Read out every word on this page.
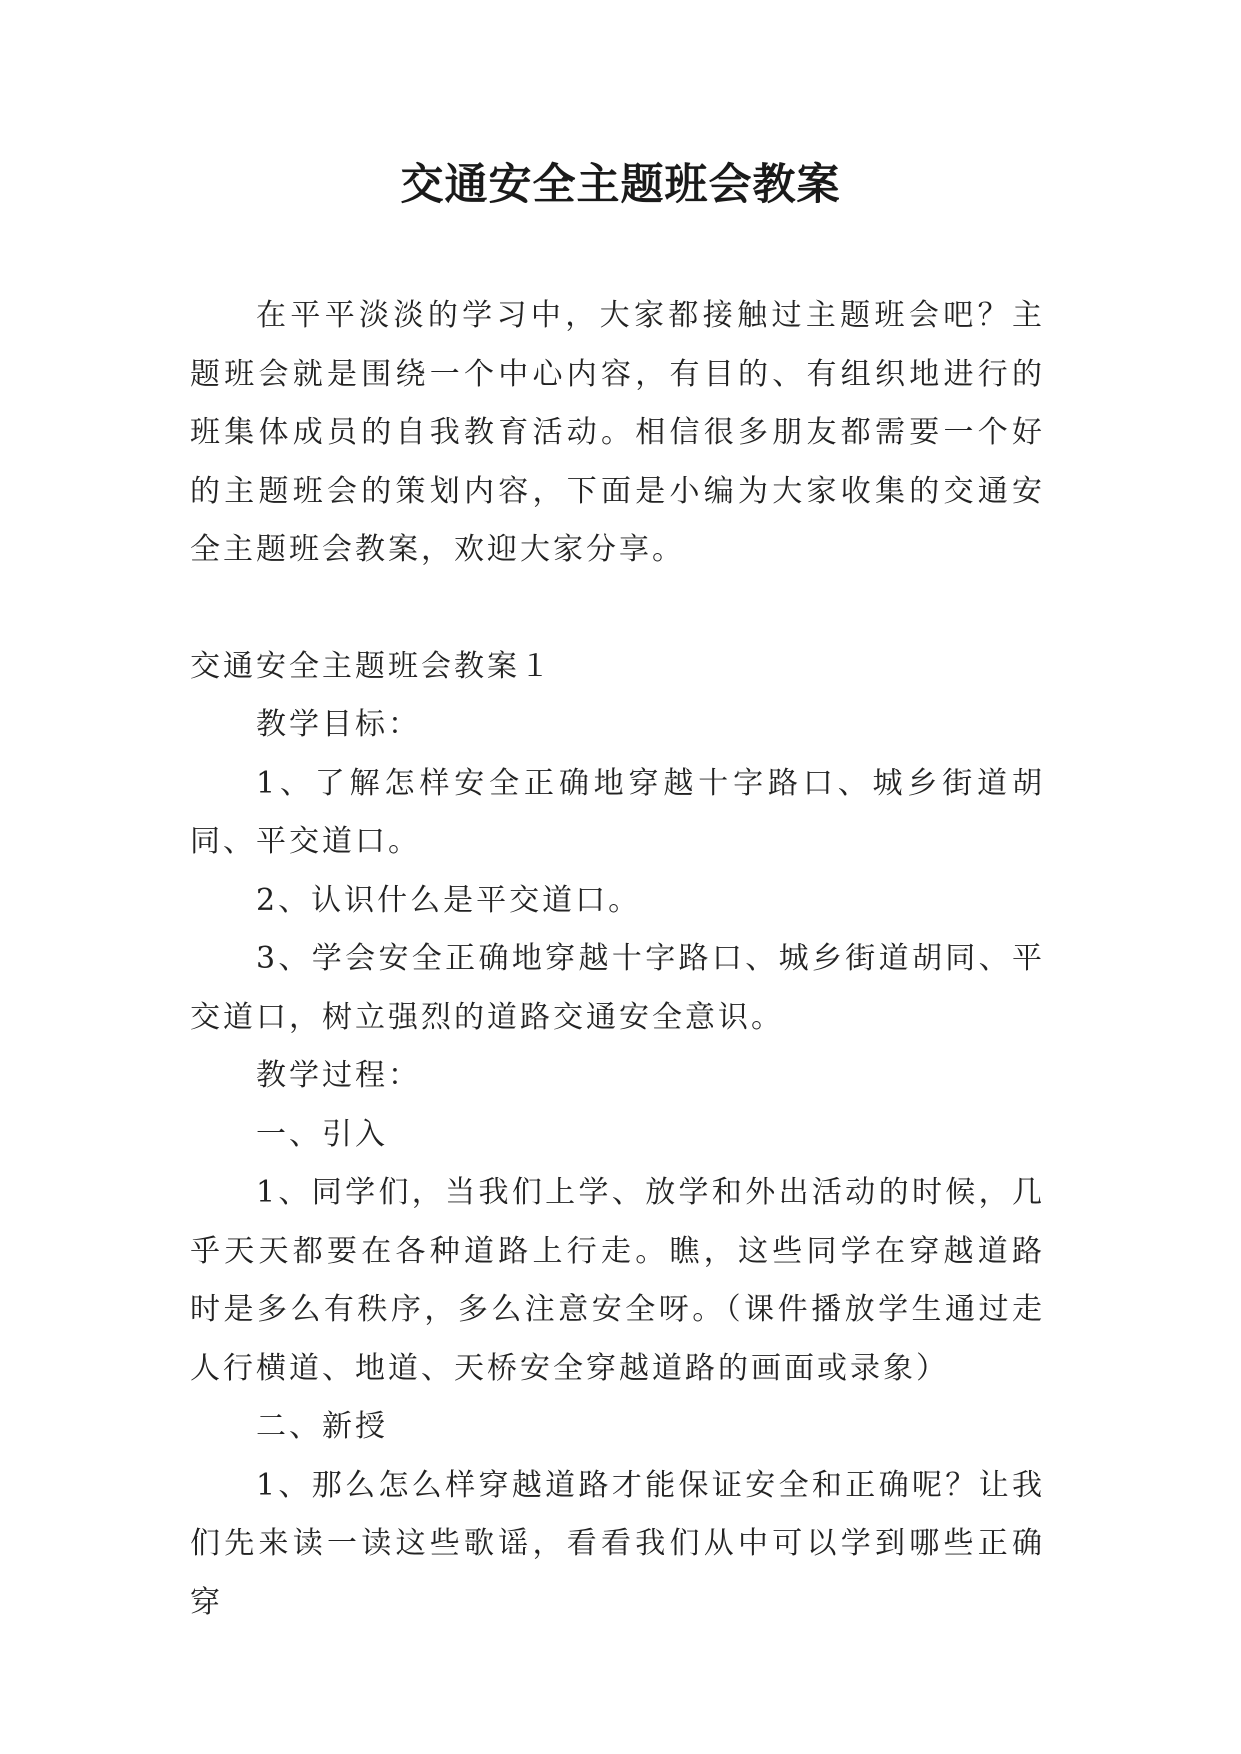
交通安全主题班会教案

在平平淡淡的学习中，大家都接触过主题班会吧？主题班会就是围绕一个中心内容，有目的、有组织地进行的班集体成员的自我教育活动。相信很多朋友都需要一个好的主题班会的策划内容，下面是小编为大家收集的交通安全主题班会教案，欢迎大家分享。

交通安全主题班会教案１

教学目标：

1、了解怎样安全正确地穿越十字路口、城乡街道胡同、平交道口。

2、认识什么是平交道口。

3、学会安全正确地穿越十字路口、城乡街道胡同、平交道口，树立强烈的道路交通安全意识。

教学过程：

一、引入

1、同学们，当我们上学、放学和外出活动的时候，几乎天天都要在各种道路上行走。瞧，这些同学在穿越道路时是多么有秩序，多么注意安全呀。（课件播放学生通过走人行横道、地道、天桥安全穿越道路的画面或录象）

二、新授

1、那么怎么样穿越道路才能保证安全和正确呢？让我们先来读一读这些歌谣，看看我们从中可以学到哪些正确穿
